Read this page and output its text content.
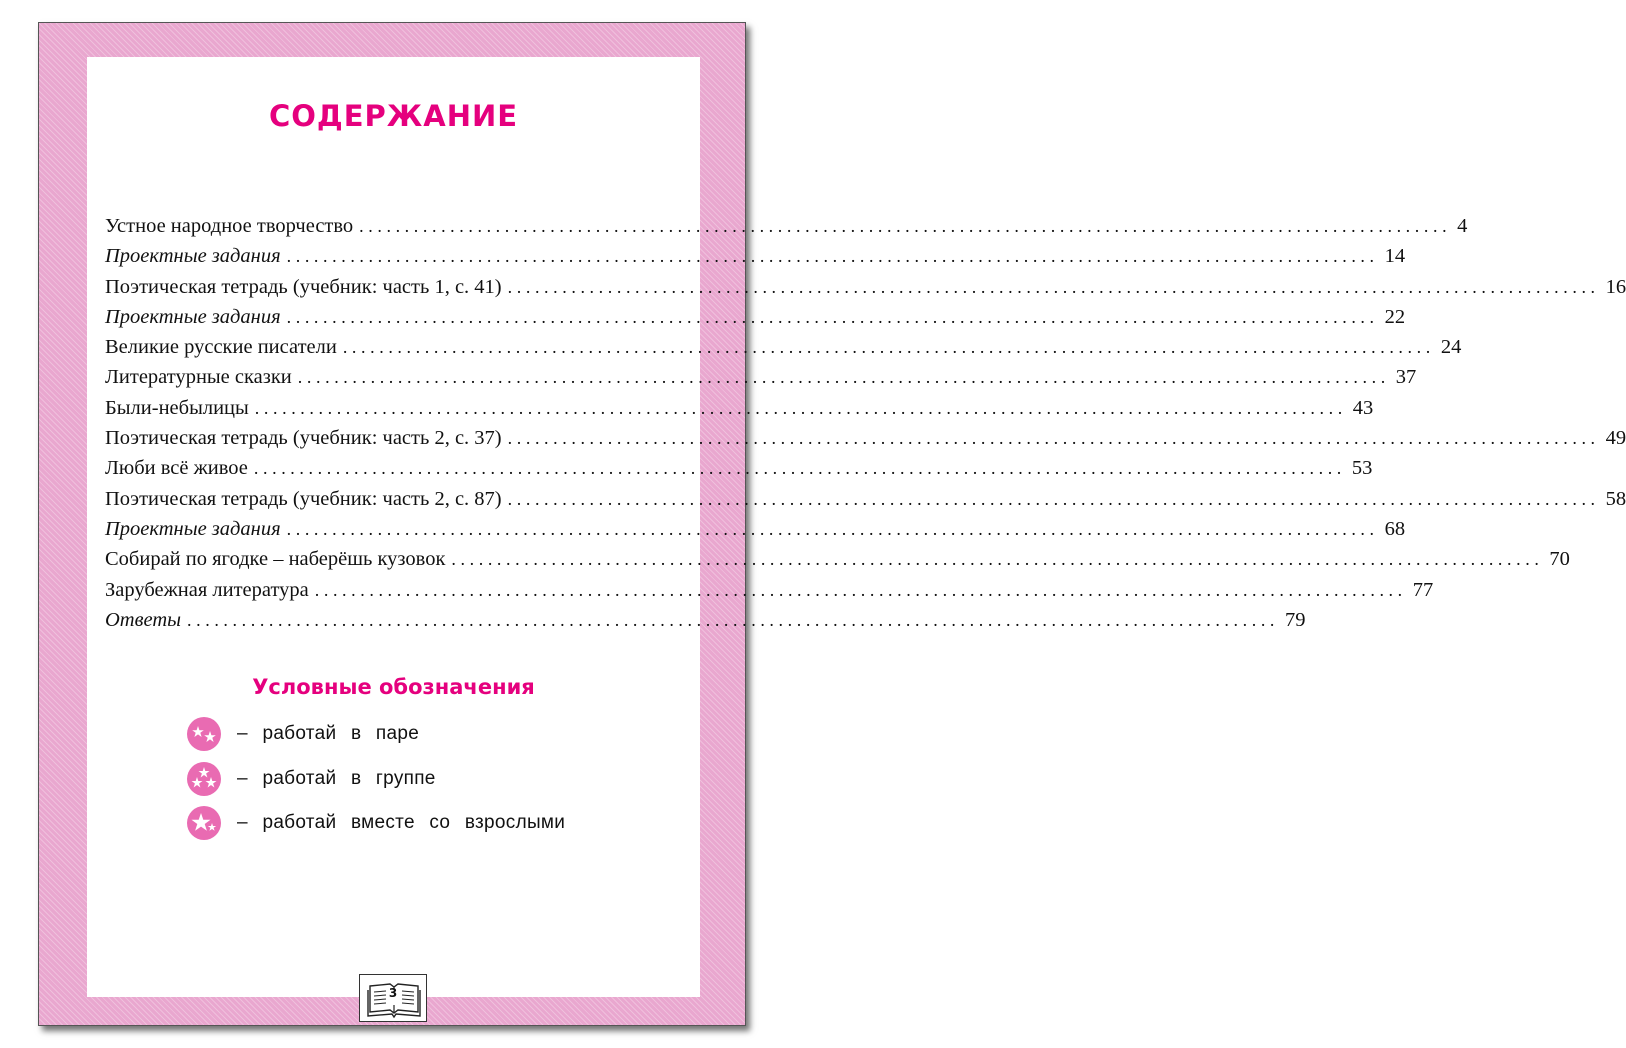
СОДЕРЖАНИЕ
Устное народное творчество ........................................................................................................................ 4
Проектные задания ........................................................................................................................ 14
Поэтическая тетрадь (учебник: часть 1, с. 41) ........................................................................................................................ 16
Проектные задания ........................................................................................................................ 22
Великие русские писатели ........................................................................................................................ 24
Литературные сказки ........................................................................................................................ 37
Были-небылицы ........................................................................................................................ 43
Поэтическая тетрадь (учебник: часть 2, с. 37) ........................................................................................................................ 49
Люби всё живое ........................................................................................................................ 53
Поэтическая тетрадь (учебник: часть 2, с. 87) ........................................................................................................................ 58
Проектные задания ........................................................................................................................ 68
Собирай по ягодке – наберёшь кузовок ........................................................................................................................ 70
Зарубежная литература ........................................................................................................................ 77
Ответы ........................................................................................................................ 79
Условные обозначения
– работай в паре
– работай в группе
– работай вместе со взрослыми
3
